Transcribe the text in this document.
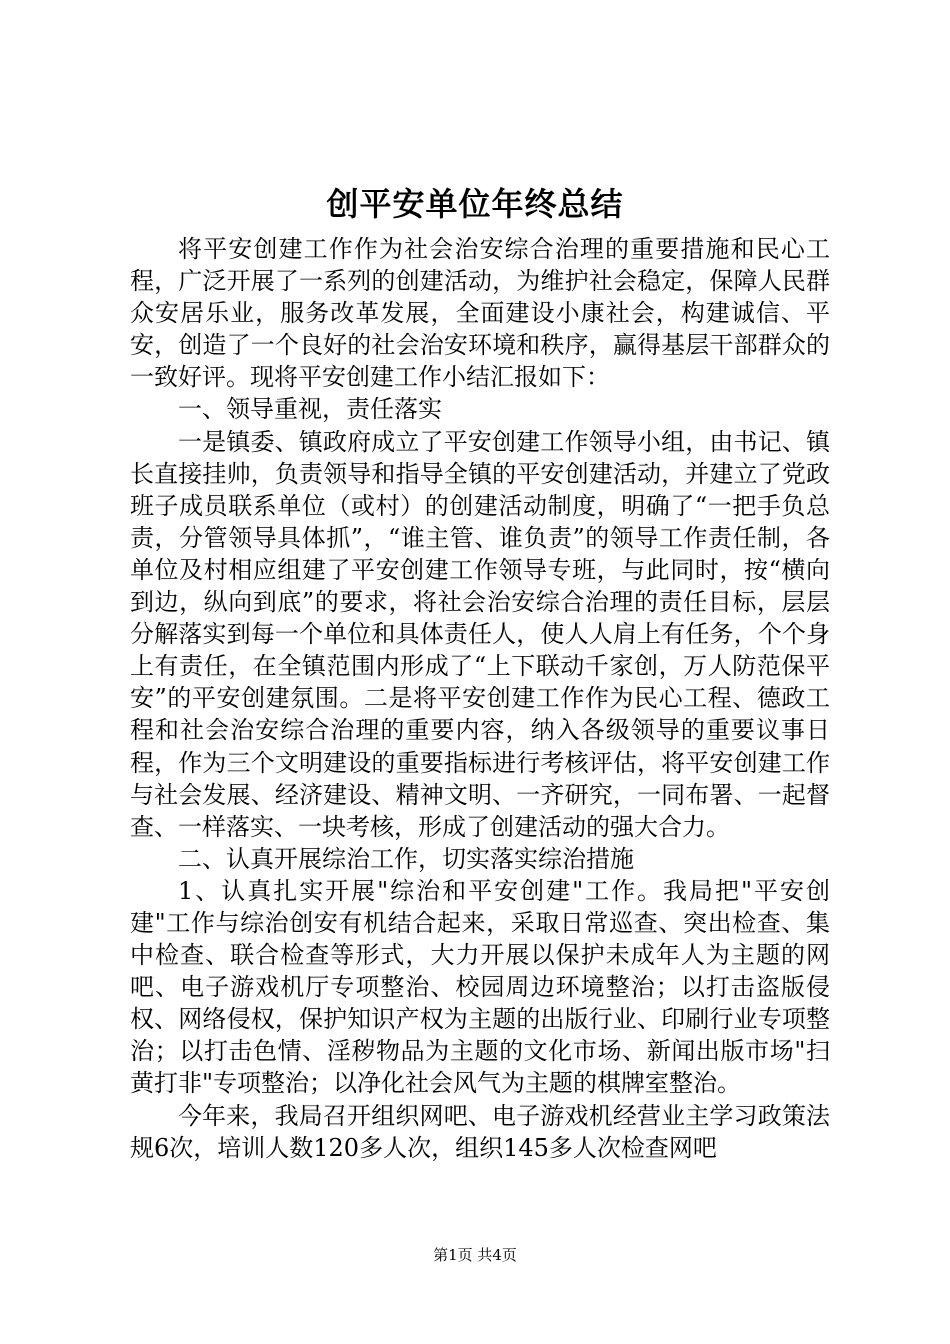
创平安单位年终总结

将平安创建工作作为社会治安综合治理的重要措施和民心工程，广泛开展了一系列的创建活动，为维护社会稳定，保障人民群众安居乐业，服务改革发展，全面建设小康社会，构建诚信、平安，创造了一个良好的社会治安环境和秩序，赢得基层干部群众的一致好评。现将平安创建工作小结汇报如下：

一、领导重视，责任落实

一是镇委、镇政府成立了平安创建工作领导小组，由书记、镇长直接挂帅，负责领导和指导全镇的平安创建活动，并建立了党政班子成员联系单位（或村）的创建活动制度，明确了“一把手负总责，分管领导具体抓”，“谁主管、谁负责”的领导工作责任制，各单位及村相应组建了平安创建工作领导专班，与此同时，按“横向到边，纵向到底”的要求，将社会治安综合治理的责任目标，层层分解落实到每一个单位和具体责任人，使人人肩上有任务，个个身上有责任，在全镇范围内形成了“上下联动千家创，万人防范保平安”的平安创建氛围。二是将平安创建工作作为民心工程、德政工程和社会治安综合治理的重要内容，纳入各级领导的重要议事日程，作为三个文明建设的重要指标进行考核评估，将平安创建工作与社会发展、经济建设、精神文明、一齐研究，一同布署、一起督查、一样落实、一块考核，形成了创建活动的强大合力。

二、认真开展综治工作，切实落实综治措施

1、认真扎实开展"综治和平安创建"工作。我局把"平安创建"工作与综治创安有机结合起来，采取日常巡查、突出检查、集中检查、联合检查等形式，大力开展以保护未成年人为主题的网吧、电子游戏机厅专项整治、校园周边环境整治；以打击盗版侵权、网络侵权，保护知识产权为主题的出版行业、印刷行业专项整治；以打击色情、淫秽物品为主题的文化市场、新闻出版市场"扫黄打非"专项整治；以净化社会风气为主题的棋牌室整治。

今年来，我局召开组织网吧、电子游戏机经营业主学习政策法规6次，培训人数120多人次，组织145多人次检查网吧

第1页 共4页
